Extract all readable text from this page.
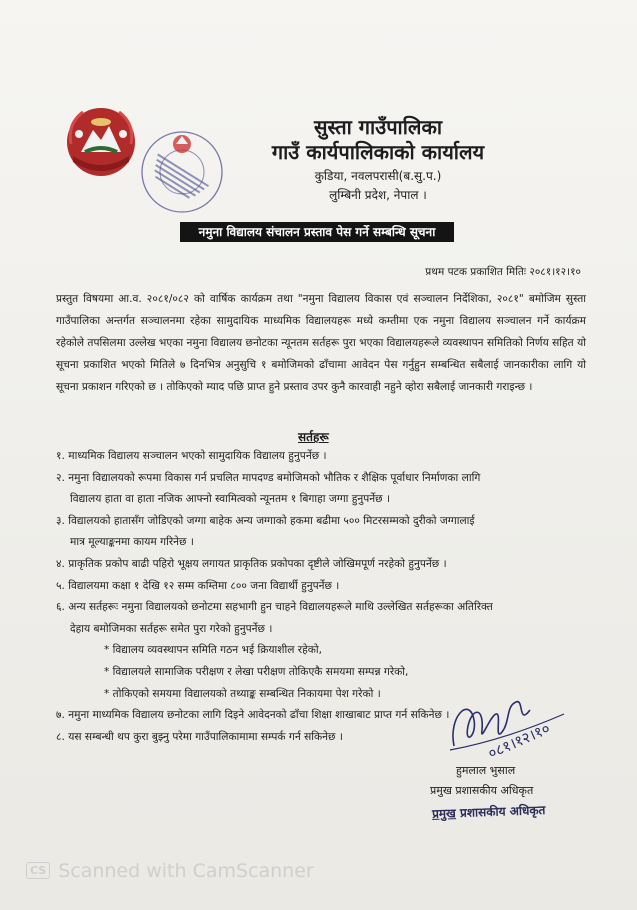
सुस्ता गाउँपालिका
गाउँ कार्यपालिकाको कार्यालय
कुडिया, नवलपरासी(ब.सु.प.)
लुम्बिनी प्रदेश, नेपाल ।
नमुना विद्यालय संचालन प्रस्ताव पेस गर्ने सम्बन्धि सूचना
प्रथम पटक प्रकाशित मितिः २०८१।१२।१०
प्रस्तुत विषयमा आ.व. २०८१/०८२ को वार्षिक कार्यक्रम तथा "नमुना विद्यालय विकास एवं सञ्चालन निर्देशिका, २०८१" बमोजिम सुस्ता गाउँपालिका अन्तर्गत सञ्चालनमा रहेका सामुदायिक माध्यमिक विद्यालयहरू मध्ये कम्तीमा एक नमुना विद्यालय सञ्चालन गर्ने कार्यक्रम रहेकोले तपसिलमा उल्लेख भएका नमुना विद्यालय छनोटका न्यूनतम सर्तहरू पुरा भएका विद्यालयहरूले व्यवस्थापन समितिको निर्णय सहित यो सूचना प्रकाशित भएको मितिले ७ दिनभित्र अनुसुचि १ बमोजिमको ढाँचामा आवेदन पेस गर्नुहुन सम्बन्धित सबैलाई जानकारीका लागि यो सूचना प्रकाशन गरिएको छ । तोकिएको म्याद पछि प्राप्त हुने प्रस्ताव उपर कुनै कारवाही नहुने व्होरा सबैलाई जानकारी गराइन्छ ।
सर्तहरू
१. माध्यमिक विद्यालय सञ्चालन भएको सामुदायिक विद्यालय हुनुपर्नेछ ।
२. नमुना विद्यालयको रूपमा विकास गर्न प्रचलित मापदण्ड बमोजिमको भौतिक र शैक्षिक पूर्वाधार निर्माणका लागि
विद्यालय हाता वा हाता नजिक आफ्नो स्वामित्वको न्यूनतम १ बिगाहा जग्गा हुनुपर्नेछ ।
३. विद्यालयको हातासँग जोडिएको जग्गा बाहेक अन्य जग्गाको हकमा बढीमा ५०० मिटरसम्मको दुरीको जग्गालाई
मात्र मूल्याङ्कनमा कायम गरिनेछ ।
४. प्राकृतिक प्रकोप बाढी पहिरो भूक्षय लगायत प्राकृतिक प्रकोपका दृष्टीले जोखिमपूर्ण नरहेको हुनुपर्नेछ ।
५. विद्यालयमा कक्षा १ देखि १२ सम्म कम्तिमा ८०० जना विद्यार्थी हुनुपर्नेछ ।
६. अन्य सर्तहरूः नमुना विद्यालयको छनोटमा सहभागी हुन चाहने विद्यालयहरूले माथि उल्लेखित सर्तहरूका अतिरिक्त
देहाय बमोजिमका सर्तहरू समेत पुरा गरेको हुनुपर्नेछ ।
* विद्यालय व्यवस्थापन समिति गठन भई क्रियाशील रहेको,
* विद्यालयले सामाजिक परीक्षण र लेखा परीक्षण तोकिएकै समयमा सम्पन्न गरेको,
* तोकिएको समयमा विद्यालयको तथ्याङ्क सम्बन्धित निकायमा पेश गरेको ।
७. नमुना माध्यमिक विद्यालय छनोटका लागि दिइने आवेदनको ढाँचा शिक्षा शाखाबाट प्राप्त गर्न सकिनेछ ।
८. यस सम्बन्धी थप कुरा बुझ्नु परेमा गाउँपालिकामामा सम्पर्क गर्न सकिनेछ ।	०८१।१२।१०
हुमलाल भुसाल
प्रमुख प्रशासकीय अधिकृत
प्रमुख प्रशासकीय अधिकृत
CS Scanned with CamScanner
